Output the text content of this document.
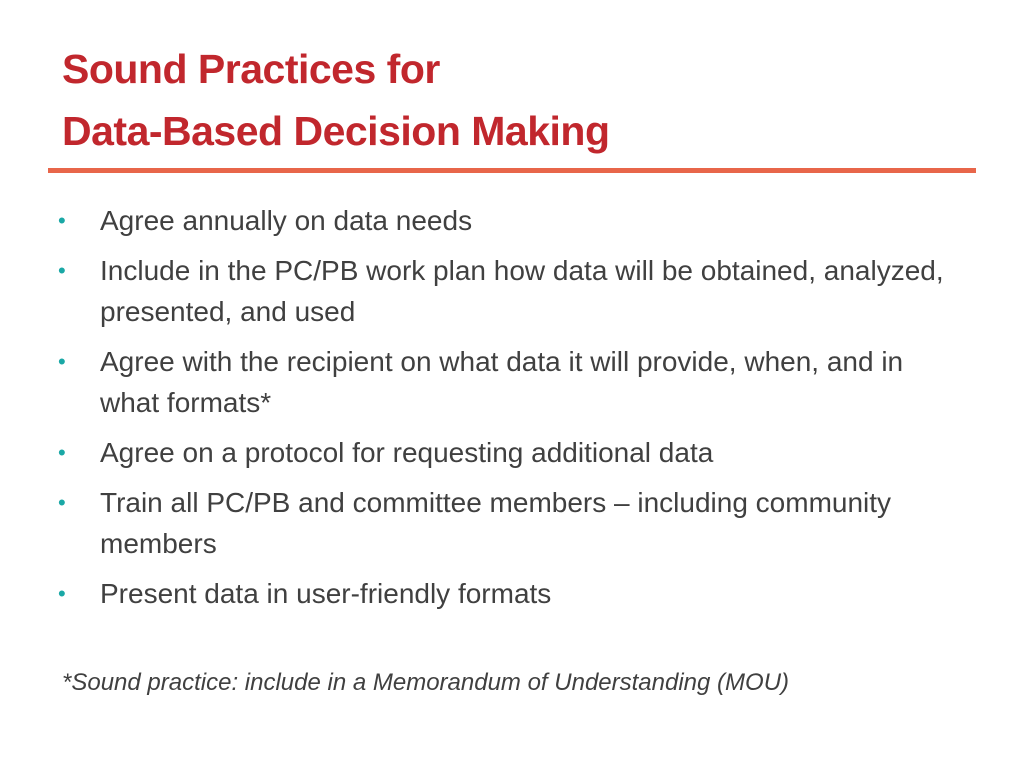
Sound Practices for
Data-Based Decision Making
• Agree annually on data needs
• Include in the PC/PB work plan how data will be obtained, analyzed, presented, and used
• Agree with the recipient on what data it will provide, when, and in what formats*
• Agree on a protocol for requesting additional data
• Train all PC/PB and committee members – including community members
• Present data in user-friendly formats

*Sound practice: include in a Memorandum of Understanding (MOU)
